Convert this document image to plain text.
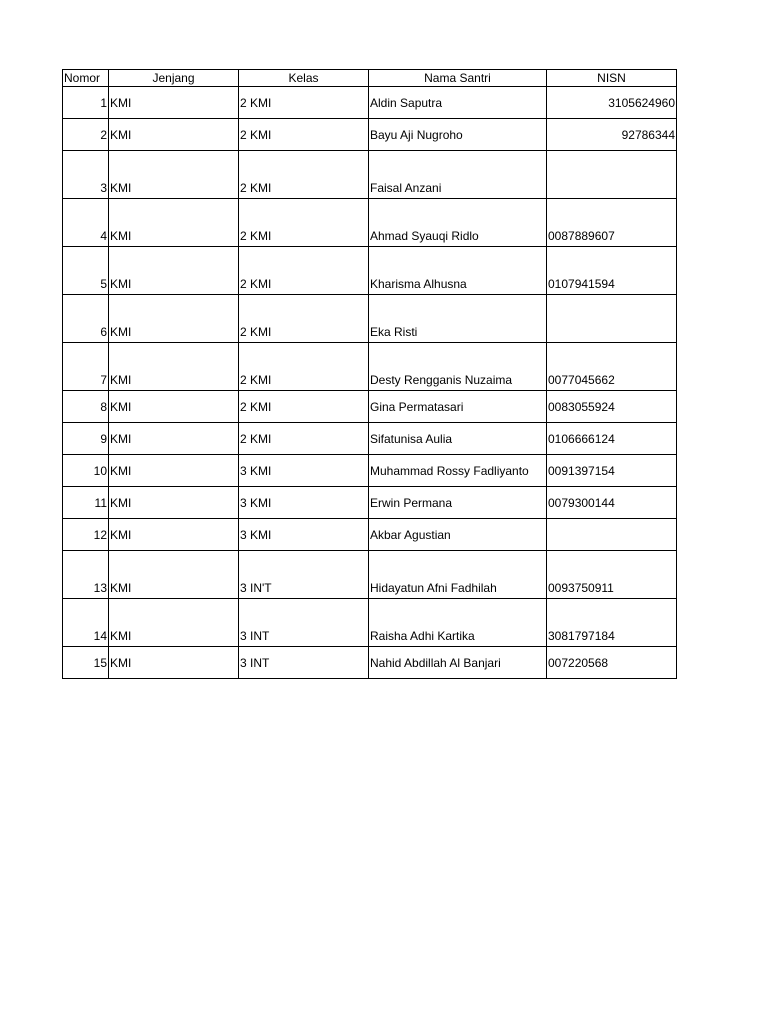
Nomor	Jenjang	Kelas	Nama Santri	NISN
1	KMI	2 KMI	Aldin Saputra	3105624960
2	KMI	2 KMI	Bayu Aji Nugroho	92786344
3	KMI	2 KMI	Faisal Anzani	
4	KMI	2 KMI	Ahmad Syauqi Ridlo	0087889607
5	KMI	2 KMI	Kharisma Alhusna	0107941594
6	KMI	2 KMI	Eka Risti	
7	KMI	2 KMI	Desty Rengganis Nuzaima	0077045662
8	KMI	2 KMI	Gina Permatasari	0083055924
9	KMI	2 KMI	Sifatunisa Aulia	0106666124
10	KMI	3 KMI	Muhammad Rossy Fadliyanto	0091397154
11	KMI	3 KMI	Erwin Permana	0079300144
12	KMI	3 KMI	Akbar Agustian	
13	KMI	3 IN'T	Hidayatun Afni Fadhilah	0093750911
14	KMI	3 INT	Raisha Adhi Kartika	3081797184
15	KMI	3 INT	Nahid Abdillah Al Banjari	007220568
